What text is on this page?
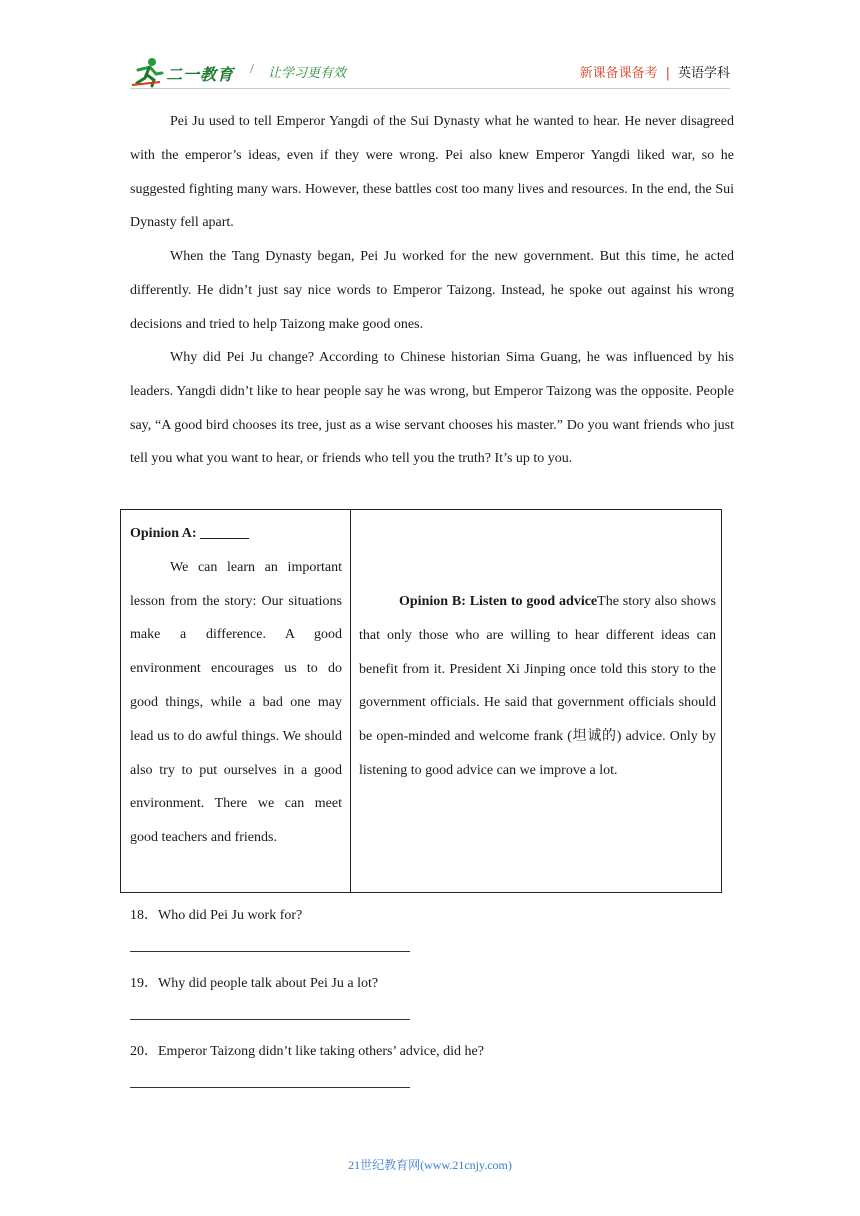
二一教育 / 让学习更有效	新课备课备考 | 英语学科

Pei Ju used to tell Emperor Yangdi of the Sui Dynasty what he wanted to hear. He never disagreed with the emperor’s ideas, even if they were wrong. Pei also knew Emperor Yangdi liked war, so he suggested fighting many wars. However, these battles cost too many lives and resources. In the end, the Sui Dynasty fell apart.

When the Tang Dynasty began, Pei Ju worked for the new government. But this time, he acted differently. He didn’t just say nice words to Emperor Taizong. Instead, he spoke out against his wrong decisions and tried to help Taizong make good ones.

Why did Pei Ju change? According to Chinese historian Sima Guang, he was influenced by his leaders. Yangdi didn’t like to hear people say he was wrong, but Emperor Taizong was the opposite. People say, “A good bird chooses its tree, just as a wise servant chooses his master.” Do you want friends who just tell you what you want to hear, or friends who tell you the truth? It’s up to you.

Opinion A: _______

We can learn an important lesson from the story: Our situations make a difference. A good environment encourages us to do good things, while a bad one may lead us to do awful things. We should also try to put ourselves in a good environment. There we can meet good teachers and friends.

Opinion B: Listen to good adviceThe story also shows that only those who are willing to hear different ideas can benefit from it. President Xi Jinping once told this story to the government officials. He said that government officials should be open-minded and welcome frank (坦诚的) advice. Only by listening to good advice can we improve a lot.

18．Who did Pei Ju work for?
19．Why did people talk about Pei Ju a lot?
20．Emperor Taizong didn’t like taking others’ advice, did he?
21世纪教育网(www.21cnjy.com)
